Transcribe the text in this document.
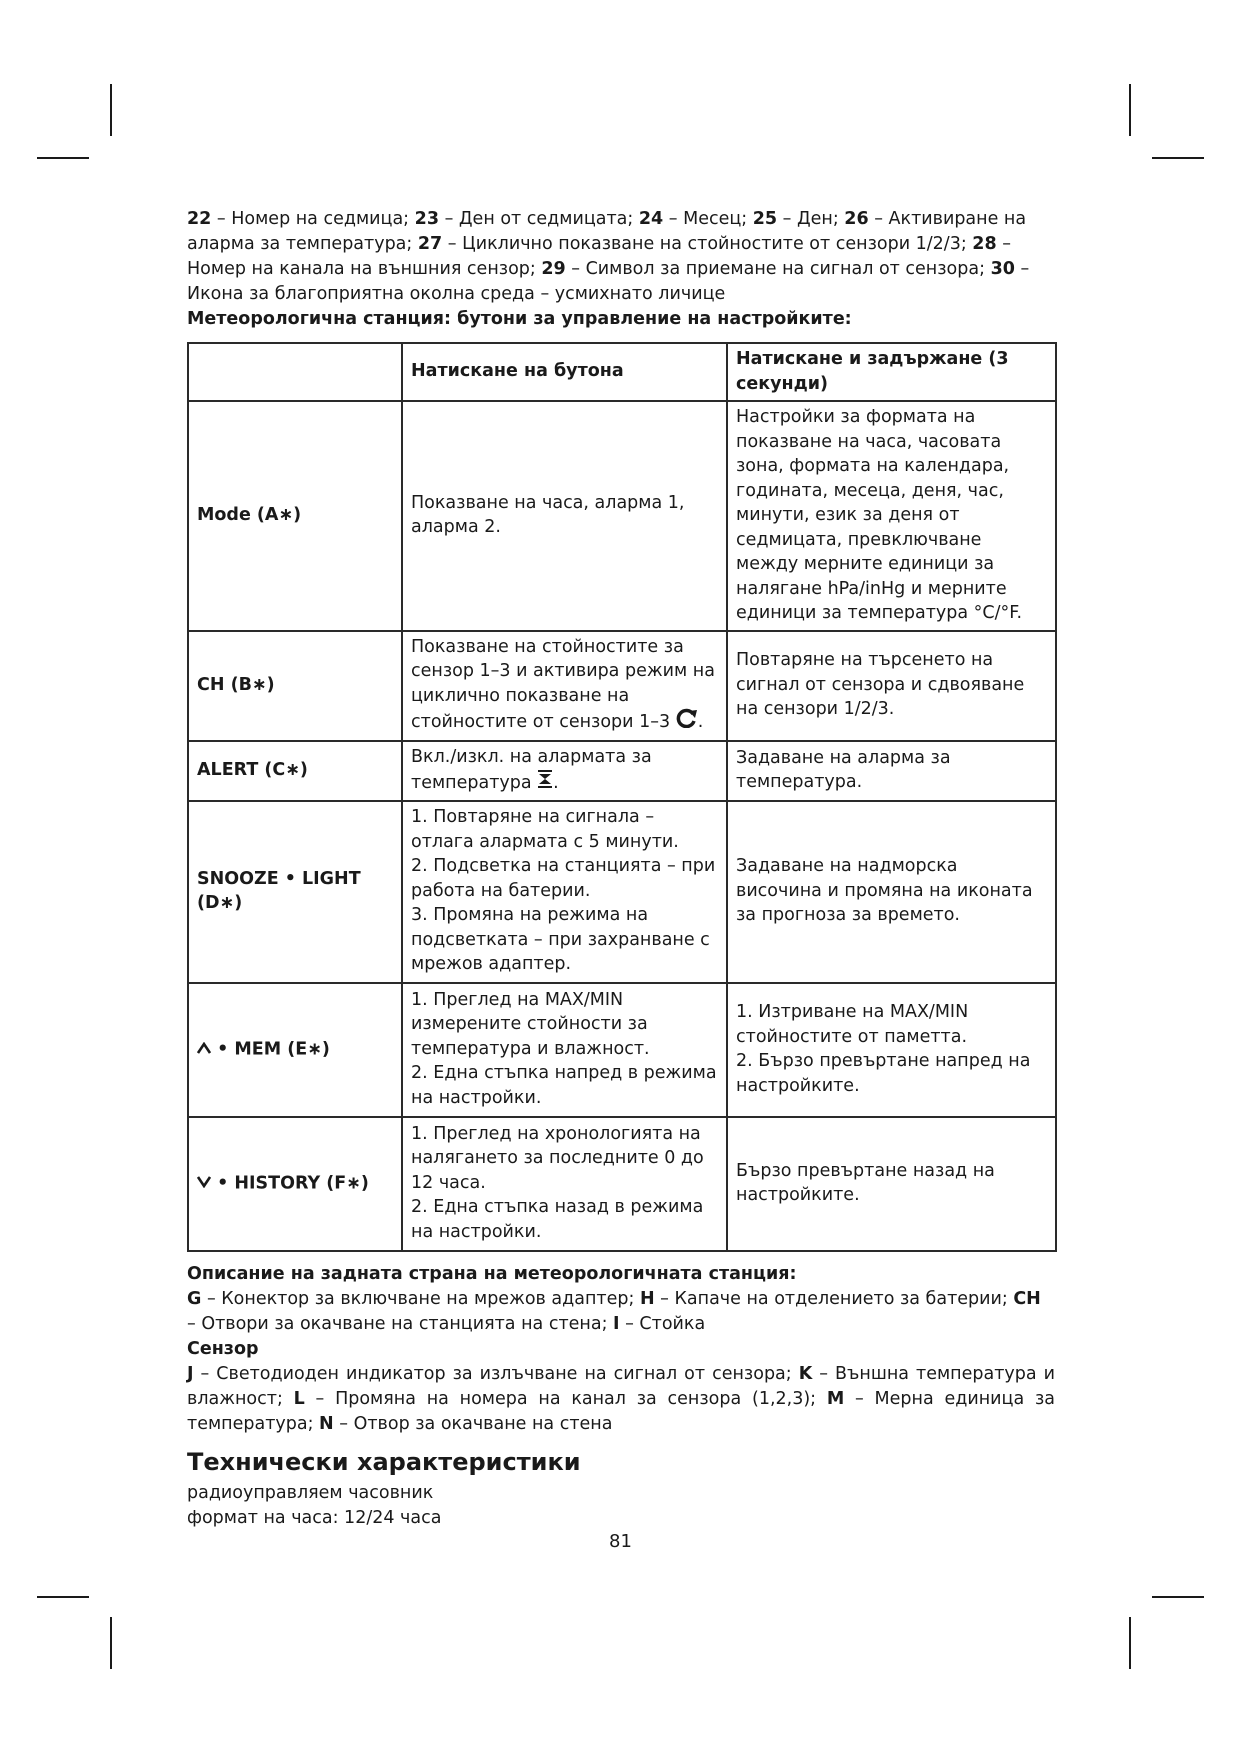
22 – Номер на седмица; 23 – Ден от седмицата; 24 – Месец; 25 – Ден; 26 – Активиране на аларма за температура; 27 – Циклично показване на стойностите от сензори 1/2/3; 28 – Номер на канала на външния сензор; 29 – Символ за приемане на сигнал от сензора; 30 – Икона за благоприятна околна среда – усмихнато личице

Метеорологична станция: бутони за управление на настройките:

	Натискане на бутона	Натискане и задържане (3 секунди)
Mode (A∗)	Показване на часа, аларма 1, аларма 2.	Настройки за формата на показване на часа, часовата зона, формата на календара, годината, месеца, деня, час, минути, език за деня от седмицата, превключване между мерните единици за налягане hPa/inHg и мерните единици за температура °C/°F.

CH (B∗)	Показване на стойностите за сензор 1–3 и активира режим на циклично показване на стойностите от сензори 1–3 .	Повтаряне на търсенето на сигнал от сензора и сдвояване на сензори 1/2/3.

ALERT (C∗)	Вкл./изкл. на алармата за температура .	Задаване на аларма за температура.

SNOOZE • LIGHT (D∗)	1. Повтаряне на сигнала – отлага алармата с 5 минути.
2. Подсветка на станцията – при работа на батерии.
3. Промяна на режима на подсветката – при захранване с мрежов адаптер.	Задаване на надморска височина и промяна на иконата за прогноза за времето.

• MEM (E∗)	1. Преглед на MAX/MIN измерените стойности за температура и влажност.
2. Една стъпка напред в режима на настройки.	1. Изтриване на MAX/MIN стойностите от паметта.
2. Бързо превъртане напред на настройките.

• HISTORY (F∗)	1. Преглед на хронологията на налягането за последните 0 до 12 часа.
2. Една стъпка назад в режима на настройки.	Бързо превъртане назад на настройките.

Описание на задната страна на метеорологичната станция:

G – Конектор за включване на мрежов адаптер; H – Капаче на отделението за батерии; CH – Отвори за окачване на станцията на стена; I – Стойка

Сензор

J – Светодиоден индикатор за излъчване на сигнал от сензора; K – Външна температура и влажност; L – Промяна на номера на канал за сензора (1,2,3); M – Мерна единица за температура; N – Отвор за окачване на стена

Технически характеристики

радиоуправляем часовник

формат на часа: 12/24 часа

81
